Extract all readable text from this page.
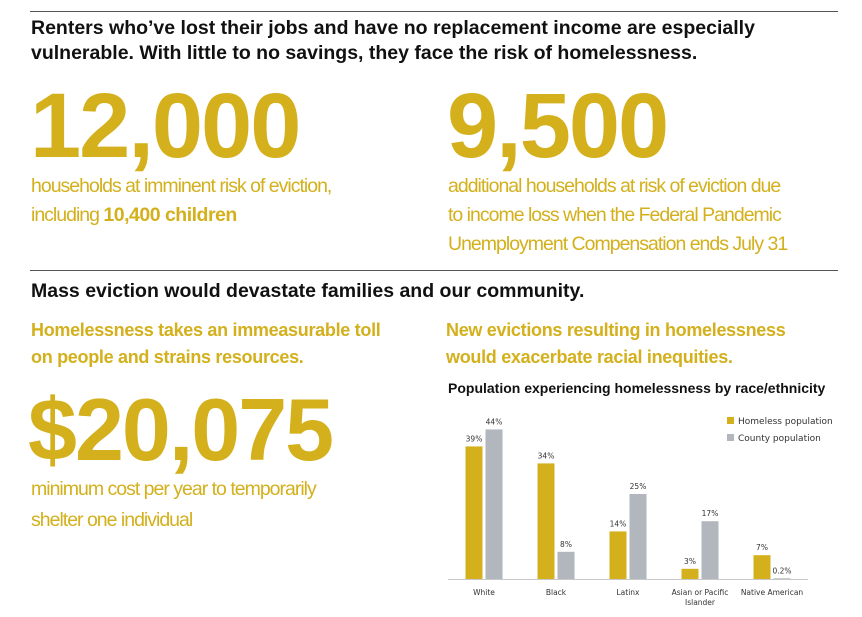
Renters who’ve lost their jobs and have no replacement income are especially vulnerable. With little to no savings, they face the risk of homelessness.
12,000
households at imminent risk of eviction,
including 10,400 children
9,500
additional households at risk of eviction due
to income loss when the Federal Pandemic
Unemployment Compensation ends July 31
Mass eviction would devastate families and our community.
Homelessness takes an immeasurable toll
on people and strains resources.
$20,075
minimum cost per year to temporarily
shelter one individual
New evictions resulting in homelessness
would exacerbate racial inequities.
Population experiencing homelessness by race/ethnicity
39%
44%
White
34%
8%
Black
14%
25%
Latinx
3%
17%
Asian or Pacific
Islander
7%
0.2%
Native American
Homeless population
County population
